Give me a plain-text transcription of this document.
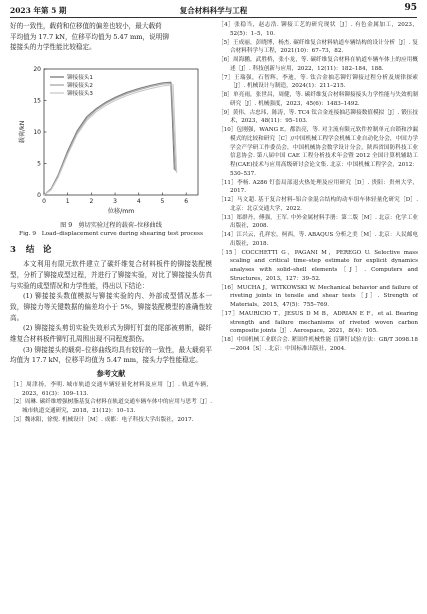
2023 年第 5 期	复合材料科学与工程	95

好的一致性，载荷和位移值的偏差也较小，最大载荷

平均值为 17.7 kN，位移平均值为 5.47 mm，说明铆

接接头的力学性能比较稳定。

0	1	2	3	4	5	6
0
5
10
15
20
位移/mm
载荷/kN
铆接接头1
铆接接头2
铆接接头3
图 9　剪切实验过程的载荷–位移曲线
Fig. 9　Load–displacement curve during shearing test process
3 结　论

本文利用有限元软件建立了碳纤维复合材料板件的铆接装配模型，分析了铆接成型过程，并进行了铆接实验，对比了铆接接头仿真与实验的成型情况和力学性能，得出以下结论：

(1) 铆接接头数值模拟与铆接实验的内、外部成型情况基本一致，铆接力等关键数据的偏差均小于 5%，铆接装配模型的准确性较高。

(2) 铆接接头剪切实验失效形式为铆钉钉套的尾部被剪断，碳纤维复合材料板件铆钉孔周围出现不同程度损伤。

(3) 铆接接头的载荷–位移曲线均具有较好的一致性，最大载荷平均值为 17.7 kN，位移平均值为 5.47 mm，接头力学性能稳定。

参考文献

［1］周津扬，李明. 城市轨道交通车辆轻量化材料及应用［J］. 轨道车辆，2023，61(3)：109–113.

［2］周琳. 碳纤维增强树脂基复合材料在轨道交通车辆车体中的应用与思考［J］. 城市轨道交通研究，2018，21(12)：10–13.

［3］魏冰阳，徐悦. 机械设计［M］. 成都：电子科技大学出版社，2017.

［4］张稳当，赵志浩. 铆接工艺的研究现状［J］. 有色金属加工，2023，52(5)：1–5，10.

［5］王成丽，彭晓博，杨杰. 碳纤维复合材料轨道车辆结构的设计分析［J］. 复合材料科学与工程，2021(10)：67–73，82.

［6］周海鹏，武胜桥，张小龙，等. 碳纤维复合材料在轨道车辆车体上的应用概述［J］. 科技创新与应用，2022，12(11)：182–184，188.

［7］王瑞强，石智辉，李迪，等. 钛合金抽芯铆钉铆接过程分析及规律探索［J］. 机械设计与制造，2024(1)：211–215.

［8］单亮雨，张世昌，周健，等. 碳纤维复合材料铆接接头力学性能与失效机制研究［J］. 机械强度，2023，45(6)：1483–1492.

［9］黄伟，古忠玮，陈涛，等. TC4 钛合金连接抽芯铆接数值模拟［J］. 锻压技术，2023，48(11)：95–103.

［10］包刚强，WANG E，都浩亮，等. 对主流有限元软件控制单元自锁和沙漏模式的比较和研究［C］//中国机械工程学会机械工业自动化分会，中国力学学会产学研工作委员会，中国机械协会数学设计分会，陕西省国防科技工业信息协会. 第八届中国 CAE 工程分析技术年会暨 2012 全国计算机辅助工程(CAE)技术与应用高级研讨会论文集. 北京：中国机械工程学会，2012：530–537.

［11］李杨. A286 钉套局部退火热处理及应用研究［D］. 贵阳：贵州大学，2017.

［12］马文超. 基于复合材料–铝合金混合结构的动车组车体轻量化研究［D］. 北京：北京交通大学，2022.

［13］郑群丹，傅强，王军. 中外金属材料手册：第二版［M］. 北京：化学工业出版社，2008.

［14］江兴云，孔祥宏，柯西，等. ABAQUS 分析之美［M］. 北京：人民邮电出版社，2018.

［15］COCCHETTI G，PAGANI M，PEREGO U. Selective mass scaling and critical time–step estimate for explicit dynamics analyses with solid–shell elements［J］. Computers and Structures，2013，127：39–52.

［16］MUCHA J，WITKOWSKI W. Mechanical behavior and failure of riveting joints in tensile and shear tests［J］. Strength of Materials，2015，47(5)：755–769.

［17］MAURICIO T，JESUS D M B，ADRIAN E F，et al. Bearing strength and failure mechanisms of riveted woven carbon composite joints［J］. Aerospace，2021，8(4)：105.

［18］中国机械工业联合会. 紧固件机械性能 盲铆钉试验方法：GB/T 3098.18—2004［S］. 北京：中国标准出版社，2004.
